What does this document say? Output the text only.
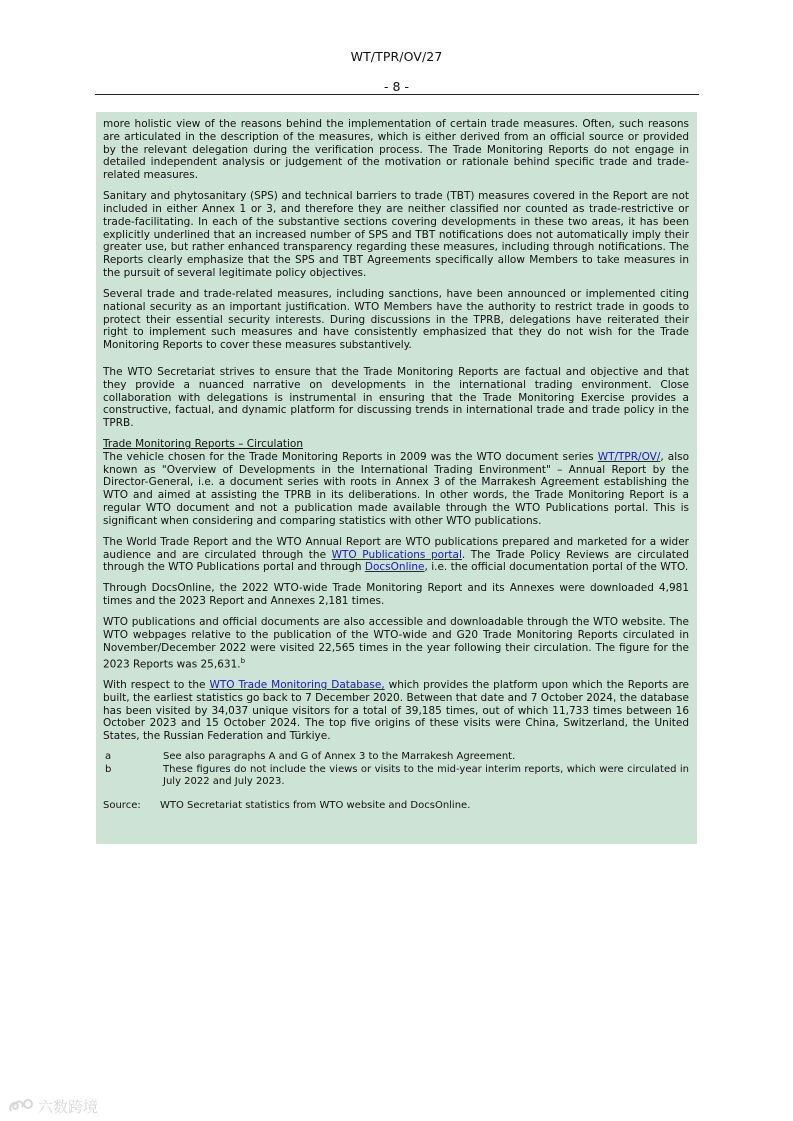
WT/TPR/OV/27
- 8 -

more holistic view of the reasons behind the implementation of certain trade measures. Often, such reasons are articulated in the description of the measures, which is either derived from an official source or provided by the relevant delegation during the verification process. The Trade Monitoring Reports do not engage in detailed independent analysis or judgement of the motivation or rationale behind specific trade and trade-related measures.

Sanitary and phytosanitary (SPS) and technical barriers to trade (TBT) measures covered in the Report are not included in either Annex 1 or 3, and therefore they are neither classified nor counted as trade-restrictive or trade-facilitating. In each of the substantive sections covering developments in these two areas, it has been explicitly underlined that an increased number of SPS and TBT notifications does not automatically imply their greater use, but rather enhanced transparency regarding these measures, including through notifications. The Reports clearly emphasize that the SPS and TBT Agreements specifically allow Members to take measures in the pursuit of several legitimate policy objectives.

Several trade and trade-related measures, including sanctions, have been announced or implemented citing national security as an important justification. WTO Members have the authority to restrict trade in goods to protect their essential security interests. During discussions in the TPRB, delegations have reiterated their right to implement such measures and have consistently emphasized that they do not wish for the Trade Monitoring Reports to cover these measures substantively.

The WTO Secretariat strives to ensure that the Trade Monitoring Reports are factual and objective and that they provide a nuanced narrative on developments in the international trading environment. Close collaboration with delegations is instrumental in ensuring that the Trade Monitoring Exercise provides a constructive, factual, and dynamic platform for discussing trends in international trade and trade policy in the TPRB.

Trade Monitoring Reports – Circulation

The vehicle chosen for the Trade Monitoring Reports in 2009 was the WTO document series WT/TPR/OV/, also known as "Overview of Developments in the International Trading Environment" – Annual Report by the Director-General, i.e. a document series with roots in Annex 3 of the Marrakesh Agreement establishing the WTO and aimed at assisting the TPRB in its deliberations. In other words, the Trade Monitoring Report is a regular WTO document and not a publication made available through the WTO Publications portal. This is significant when considering and comparing statistics with other WTO publications.

The World Trade Report and the WTO Annual Report are WTO publications prepared and marketed for a wider audience and are circulated through the WTO Publications portal. The Trade Policy Reviews are circulated through the WTO Publications portal and through DocsOnline, i.e. the official documentation portal of the WTO.

Through DocsOnline, the 2022 WTO-wide Trade Monitoring Report and its Annexes were downloaded 4,981 times and the 2023 Report and Annexes 2,181 times.

WTO publications and official documents are also accessible and downloadable through the WTO website. The WTO webpages relative to the publication of the WTO-wide and G20 Trade Monitoring Reports circulated in November/December 2022 were visited 22,565 times in the year following their circulation. The figure for the 2023 Reports was 25,631.$^b$

With respect to the WTO Trade Monitoring Database, which provides the platform upon which the Reports are built, the earliest statistics go back to 7 December 2020. Between that date and 7 October 2024, the database has been visited by 34,037 unique visitors for a total of 39,185 times, out of which 11,733 times between 16 October 2023 and 15 October 2024. The top five origins of these visits were China, Switzerland, the United States, the Russian Federation and Türkiye.

a	See also paragraphs A and G of Annex 3 to the Marrakesh Agreement.
b	These figures do not include the views or visits to the mid-year interim reports, which were circulated in July 2022 and July 2023.
Source:	WTO Secretariat statistics from WTO website and DocsOnline.
六数跨境
